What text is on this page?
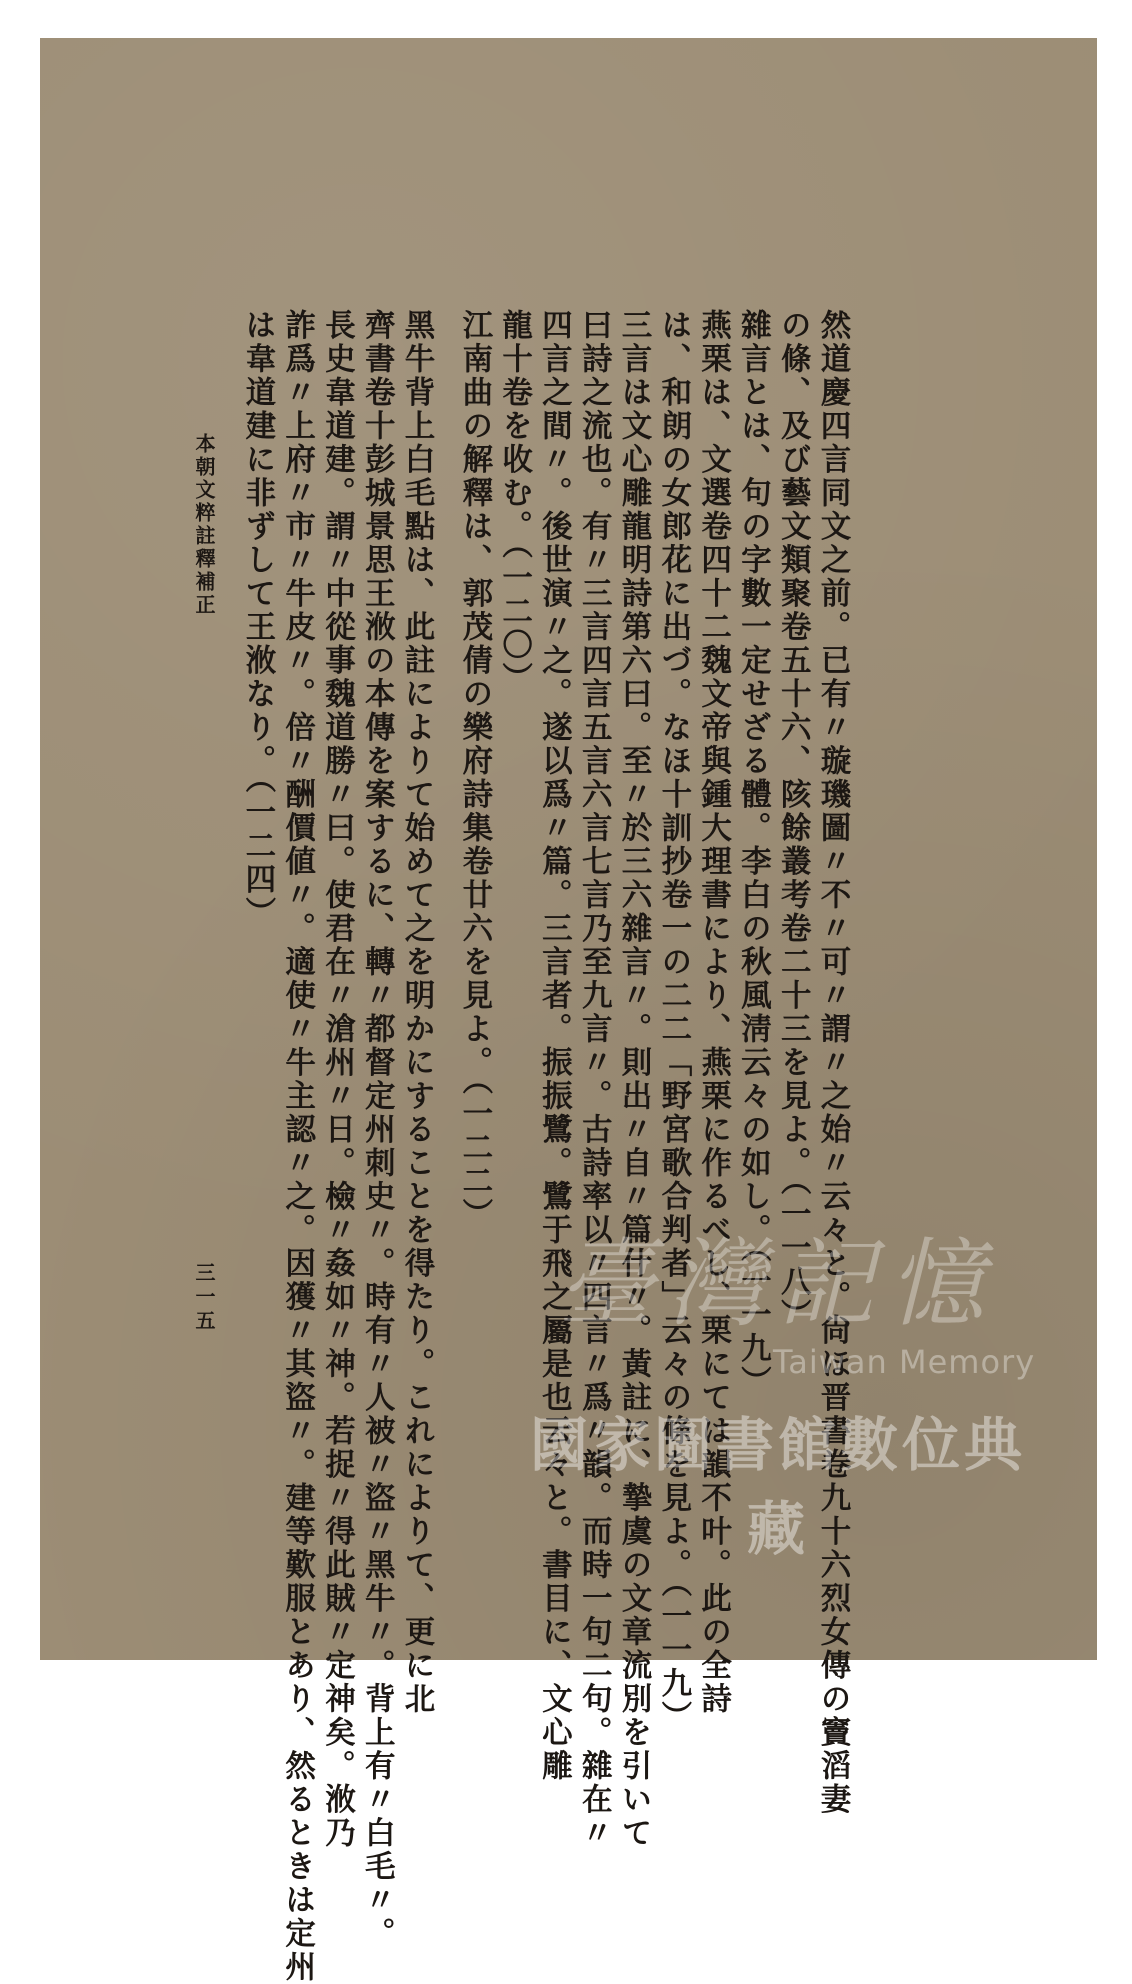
然道慶四言同文之前。已有〃璇璣圖〃不〃可〃謂〃之始〃云々と。尙ほ晋書卷九十六烈女傳の竇滔妻
の條、及び藝文類聚卷五十六、陔餘叢考卷二十三を見よ。（一一八）
雜言とは、句の字數一定せざる體。李白の秋風淸云々の如し。（一一九）
燕栗は、文選卷四十二魏文帝與鍾大理書により、燕栗に作るべし、栗にては韻不叶。此の全詩
は、和朗の女郎花に出づ。なほ十訓抄卷一の二二「野宮歌合判者」云々の條を見よ。（一一九）
三言は文心雕龍明詩第六曰。至〃於三六雜言〃。則出〃自〃篇什〃。黃註に、摯虞の文章流別を引いて
曰詩之流也。有〃三言四言五言六言七言乃至九言〃。古詩率以〃四言〃爲〃韻。而時一句二句。雜在〃
四言之間〃。後世演〃之。遂以爲〃篇。三言者。振振鷺。鷺于飛之屬是也云々と。書目に、文心雕
龍十卷を收む。（一二〇）
江南曲の解釋は、郭茂倩の樂府詩集卷廿六を見よ。（一二二）
黑牛背上白毛點は、此註によりて始めて之を明かにすることを得たり。これによりて、更に北
齊書卷十彭城景思王浟の本傳を案するに、轉〃都督定州刺史〃。時有〃人被〃盜〃黑牛〃。背上有〃白毛〃。
長史韋道建。謂〃中從事魏道勝〃曰。使君在〃滄州〃日。檢〃姦如〃神。若捉〃得此賊〃定神矣。浟乃
詐爲〃上府〃市〃牛皮〃。倍〃酬價値〃。適使〃牛主認〃之。因獲〃其盜〃。建等歎服とあり、然るときは定州
は韋道建に非ずして王浟なり。（一二四）
本朝文粹註釋補正
三一五	臺灣記憶
Taiwan Memory
國家圖書館數位典藏
